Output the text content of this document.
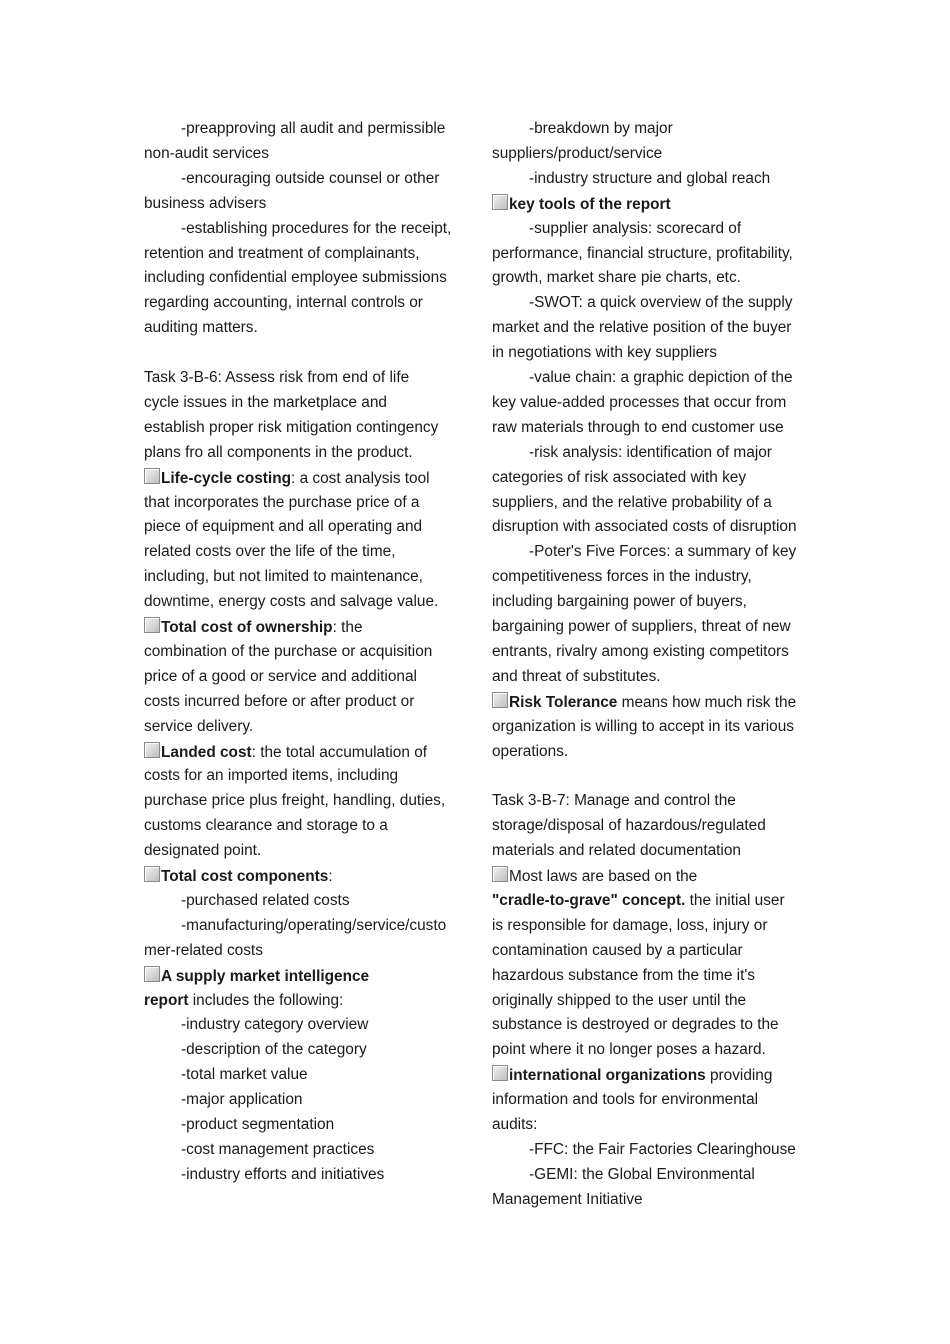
-preapproving all audit and permissible
non-audit services
-encouraging outside counsel or other
business advisers
-establishing procedures for the receipt,
retention and treatment of complainants,
including confidential employee submissions
regarding accounting, internal controls or
auditing matters.
Task 3-B-6: Assess risk from end of life
cycle issues in the marketplace and
establish proper risk mitigation contingency
plans fro all components in the product.
Life-cycle costing: a cost analysis tool
that incorporates the purchase price of a
piece of equipment and all operating and
related costs over the life of the time,
including, but not limited to maintenance,
downtime, energy costs and salvage value.
Total cost of ownership: the
combination of the purchase or acquisition
price of a good or service and additional
costs incurred before or after product or
service delivery.
Landed cost: the total accumulation of
costs for an imported items, including
purchase price plus freight, handling, duties,
customs clearance and storage to a
designated point.
Total cost components:
-purchased related costs
-manufacturing/operating/service/custo
mer-related costs
A supply market intelligence
report includes the following:
-industry category overview
-description of the category
-total market value
-major application
-product segmentation
-cost management practices
-industry efforts and initiatives
-breakdown by major
suppliers/product/service
-industry structure and global reach
key tools of the report
-supplier analysis: scorecard of
performance, financial structure, profitability,
growth, market share pie charts, etc.
-SWOT: a quick overview of the supply
market and the relative position of the buyer
in negotiations with key suppliers
-value chain: a graphic depiction of the
key value-added processes that occur from
raw materials through to end customer use
-risk analysis: identification of major
categories of risk associated with key
suppliers, and the relative probability of a
disruption with associated costs of disruption
-Poter's Five Forces: a summary of key
competitiveness forces in the industry,
including bargaining power of buyers,
bargaining power of suppliers, threat of new
entrants, rivalry among existing competitors
and threat of substitutes.
Risk Tolerance means how much risk the
organization is willing to accept in its various
operations.
Task 3-B-7: Manage and control the
storage/disposal of hazardous/regulated
materials and related documentation
Most laws are based on the
"cradle-to-grave" concept. the initial user
is responsible for damage, loss, injury or
contamination caused by a particular
hazardous substance from the time it's
originally shipped to the user until the
substance is destroyed or degrades to the
point where it no longer poses a hazard.
international organizations providing
information and tools for environmental
audits:
-FFC: the Fair Factories Clearinghouse
-GEMI: the Global Environmental
Management Initiative
